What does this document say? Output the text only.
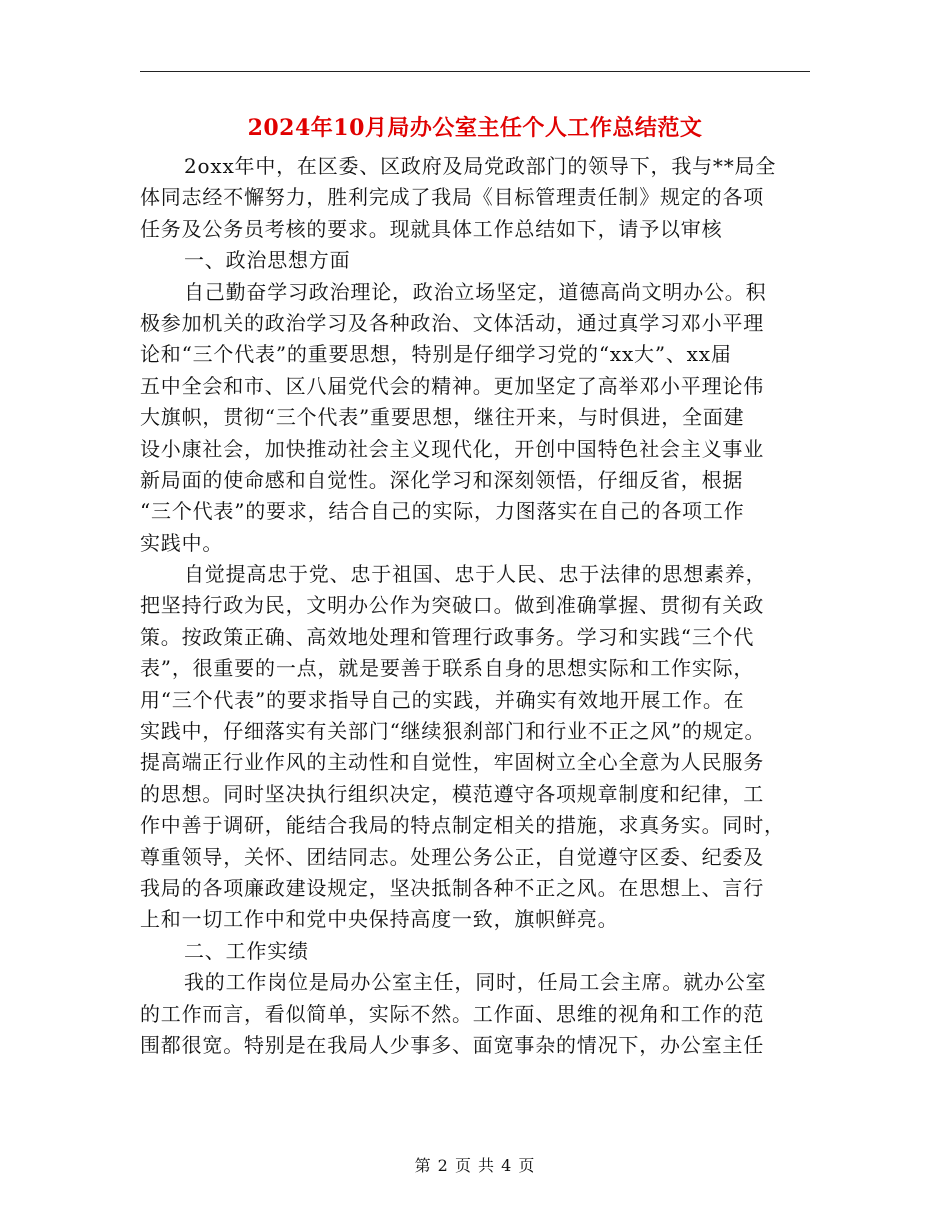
2024年10月局办公室主任个人工作总结范文
2oxx年中，在区委、区政府及局党政部门的领导下，我与**局全
体同志经不懈努力，胜利完成了我局《目标管理责任制》规定的各项
任务及公务员考核的要求。现就具体工作总结如下，请予以审核
一、政治思想方面
自己勤奋学习政治理论，政治立场坚定，道德高尚文明办公。积
极参加机关的政治学习及各种政治、文体活动，通过真学习邓小平理
论和“三个代表”的重要思想，特别是仔细学习党的“xx大”、xx届
五中全会和市、区八届党代会的精神。更加坚定了高举邓小平理论伟
大旗帜，贯彻“三个代表”重要思想，继往开来，与时俱进，全面建
设小康社会，加快推动社会主义现代化，开创中国特色社会主义事业
新局面的使命感和自觉性。深化学习和深刻领悟，仔细反省，根据
“三个代表”的要求，结合自己的实际，力图落实在自己的各项工作
实践中。
自觉提高忠于党、忠于祖国、忠于人民、忠于法律的思想素养，
把坚持行政为民，文明办公作为突破口。做到准确掌握、贯彻有关政
策。按政策正确、高效地处理和管理行政事务。学习和实践“三个代
表”，很重要的一点，就是要善于联系自身的思想实际和工作实际，
用“三个代表”的要求指导自己的实践，并确实有效地开展工作。在
实践中，仔细落实有关部门“继续狠刹部门和行业不正之风”的规定。
提高端正行业作风的主动性和自觉性，牢固树立全心全意为人民服务
的思想。同时坚决执行组织决定，模范遵守各项规章制度和纪律，工
作中善于调研，能结合我局的特点制定相关的措施，求真务实。同时，
尊重领导，关怀、团结同志。处理公务公正，自觉遵守区委、纪委及
我局的各项廉政建设规定，坚决抵制各种不正之风。在思想上、言行
上和一切工作中和党中央保持高度一致，旗帜鲜亮。
二、工作实绩
我的工作岗位是局办公室主任，同时，任局工会主席。就办公室
的工作而言，看似简单，实际不然。工作面、思维的视角和工作的范
围都很宽。特别是在我局人少事多、面宽事杂的情况下，办公室主任
第 2 页 共 4 页
